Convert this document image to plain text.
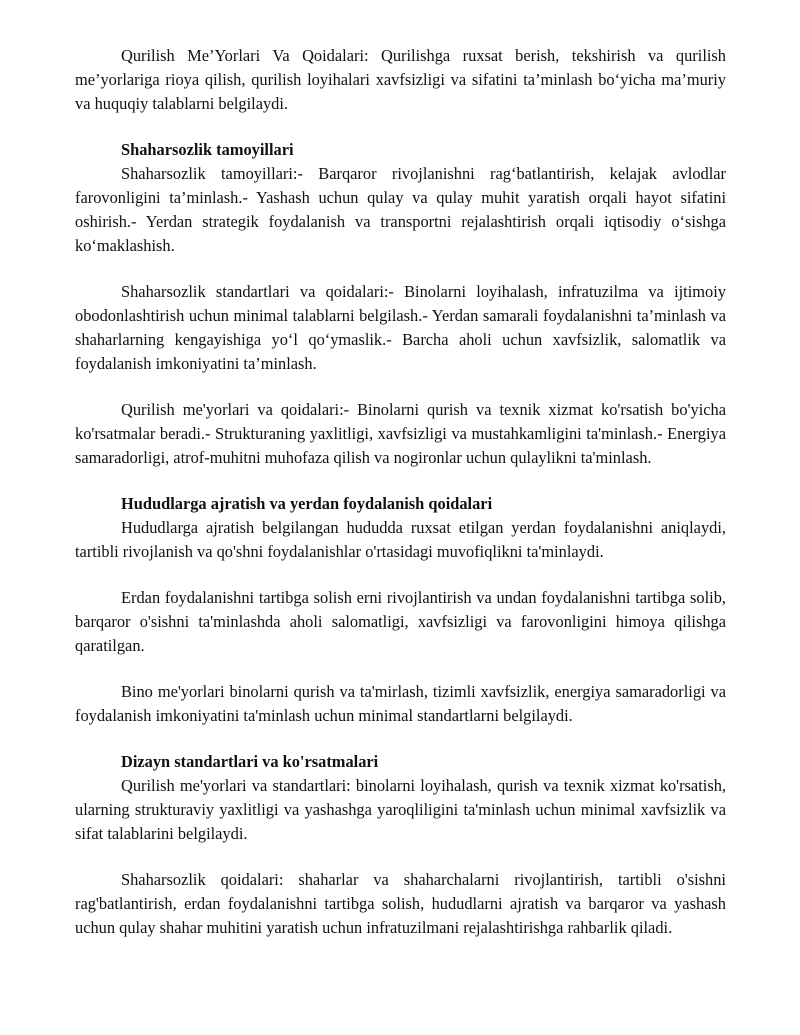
Qurilish Me’Yorlari Va Qoidalari: Qurilishga ruxsat berish, tekshirish va qurilish me’yorlariga rioya qilish, qurilish loyihalari xavfsizligi va sifatini ta’minlash bo‘yicha ma’muriy va huquqiy talablarni belgilaydi.

Shaharsozlik tamoyillari

Shaharsozlik tamoyillari:- Barqaror rivojlanishni rag‘batlantirish, kelajak avlodlar farovonligini ta’minlash.- Yashash uchun qulay va qulay muhit yaratish orqali hayot sifatini oshirish.- Yerdan strategik foydalanish va transportni rejalashtirish orqali iqtisodiy o‘sishga ko‘maklashish.

Shaharsozlik standartlari va qoidalari:- Binolarni loyihalash, infratuzilma va ijtimoiy obodonlashtirish uchun minimal talablarni belgilash.- Yerdan samarali foydalanishni ta’minlash va shaharlarning kengayishiga yo‘l qo‘ymaslik.- Barcha aholi uchun xavfsizlik, salomatlik va foydalanish imkoniyatini ta’minlash.

Qurilish me'yorlari va qoidalari:- Binolarni qurish va texnik xizmat ko'rsatish bo'yicha ko'rsatmalar beradi.- Strukturaning yaxlitligi, xavfsizligi va mustahkamligini ta'minlash.- Energiya samaradorligi, atrof-muhitni muhofaza qilish va nogironlar uchun qulaylikni ta'minlash.

Hududlarga ajratish va yerdan foydalanish qoidalari

Hududlarga ajratish belgilangan hududda ruxsat etilgan yerdan foydalanishni aniqlaydi, tartibli rivojlanish va qo'shni foydalanishlar o'rtasidagi muvofiqlikni ta'minlaydi.

Erdan foydalanishni tartibga solish erni rivojlantirish va undan foydalanishni tartibga solib, barqaror o'sishni ta'minlashda aholi salomatligi, xavfsizligi va farovonligini himoya qilishga qaratilgan.

Bino me'yorlari binolarni qurish va ta'mirlash, tizimli xavfsizlik, energiya samaradorligi va foydalanish imkoniyatini ta'minlash uchun minimal standartlarni belgilaydi.

Dizayn standartlari va ko'rsatmalari

Qurilish me'yorlari va standartlari: binolarni loyihalash, qurish va texnik xizmat ko'rsatish, ularning strukturaviy yaxlitligi va yashashga yaroqliligini ta'minlash uchun minimal xavfsizlik va sifat talablarini belgilaydi.

Shaharsozlik qoidalari: shaharlar va shaharchalarni rivojlantirish, tartibli o'sishni rag'batlantirish, erdan foydalanishni tartibga solish, hududlarni ajratish va barqaror va yashash uchun qulay shahar muhitini yaratish uchun infratuzilmani rejalashtirishga rahbarlik qiladi.
